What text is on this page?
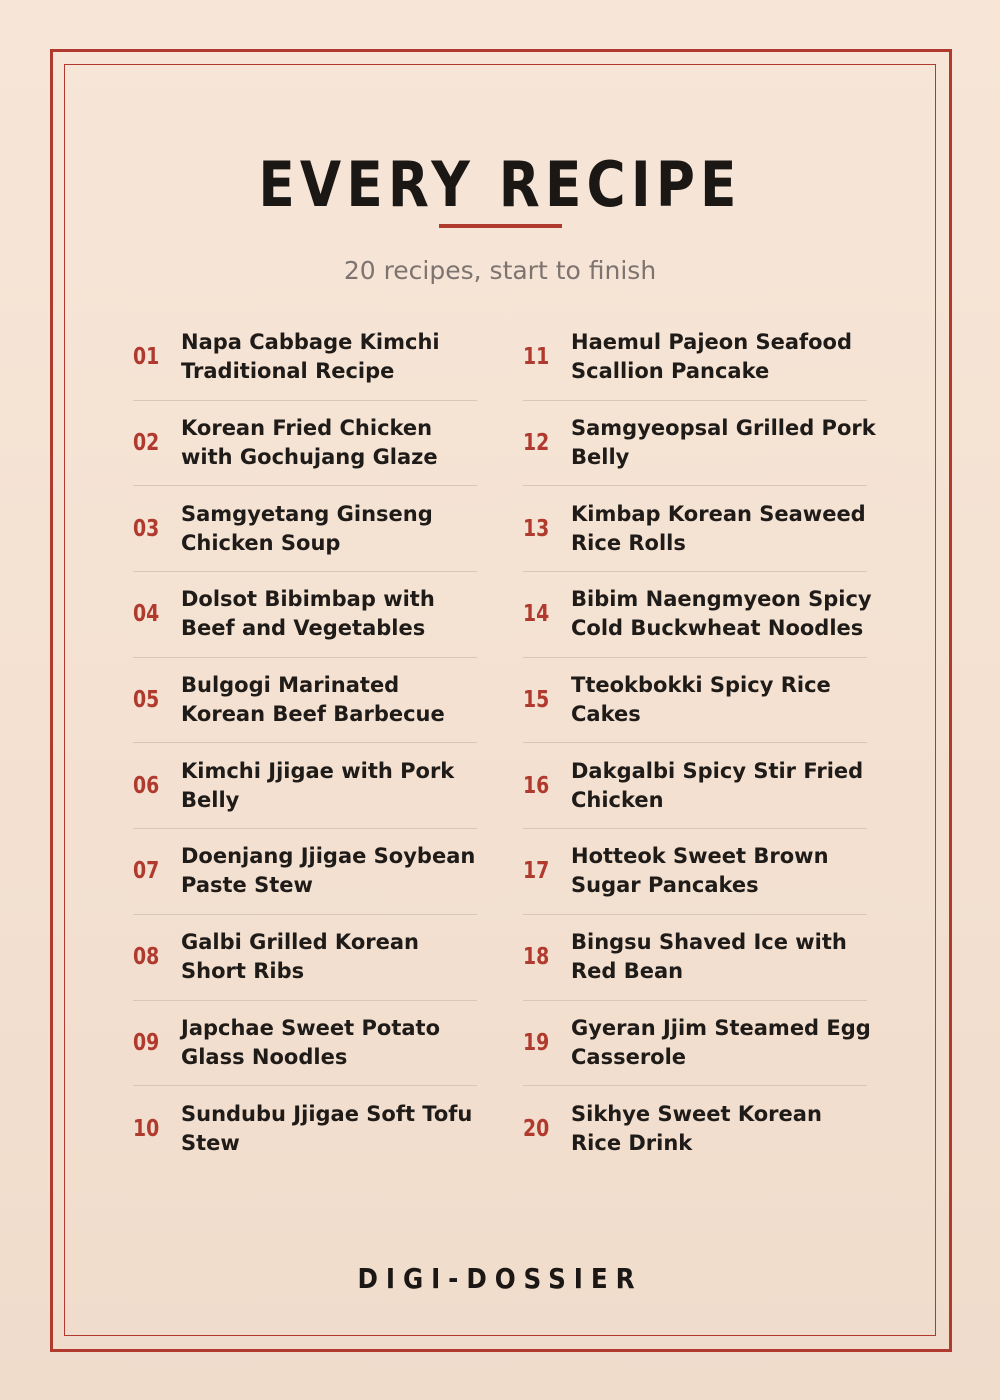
EVERY RECIPE
20 recipes, start to finish
01
Napa Cabbage Kimchi Traditional Recipe
02
Korean Fried Chicken with Gochujang Glaze
03
Samgyetang Ginseng Chicken Soup
04
Dolsot Bibimbap with Beef and Vegetables
05
Bulgogi Marinated Korean Beef Barbecue
06
Kimchi Jjigae with Pork Belly
07
Doenjang Jjigae Soybean Paste Stew
08
Galbi Grilled Korean Short Ribs
09
Japchae Sweet Potato Glass Noodles
10
Sundubu Jjigae Soft Tofu Stew
11
Haemul Pajeon Seafood Scallion Pancake
12
Samgyeopsal Grilled Pork Belly
13
Kimbap Korean Seaweed Rice Rolls
14
Bibim Naengmyeon Spicy Cold Buckwheat Noodles
15
Tteokbokki Spicy Rice Cakes
16
Dakgalbi Spicy Stir Fried Chicken
17
Hotteok Sweet Brown Sugar Pancakes
18
Bingsu Shaved Ice with Red Bean
19
Gyeran Jjim Steamed Egg Casserole
20
Sikhye Sweet Korean Rice Drink
DIGI-DOSSIER
